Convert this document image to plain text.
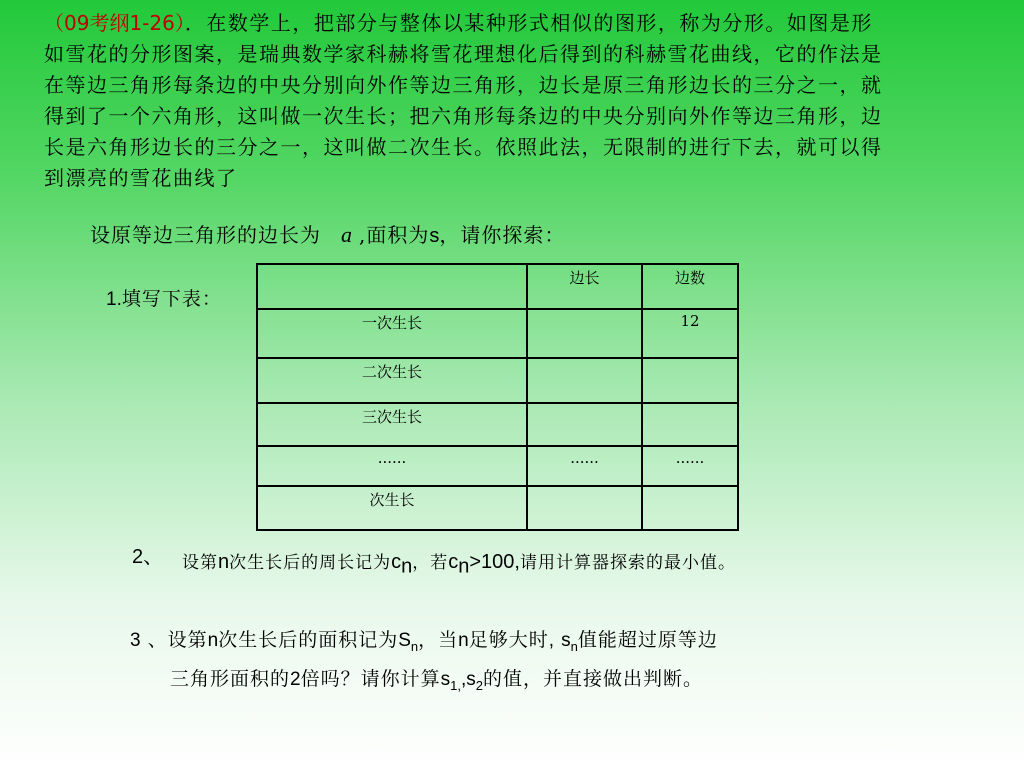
（09考纲1-26）．在数学上，把部分与整体以某种形式相似的图形，称为分形。如图是形如雪花的分形图案，是瑞典数学家科赫将雪花理想化后得到的科赫雪花曲线，它的作法是在等边三角形每条边的中央分别向外作等边三角形，边长是原三角形边长的三分之一，就得到了一个六角形，这叫做一次生长；把六角形每条边的中央分别向外作等边三角形，边长是六角形边长的三分之一，这叫做二次生长。依照此法，无限制的进行下去，就可以得到漂亮的雪花曲线了
设原等边三角形的边长为 a ,面积为s，请你探索：
1.填写下表：

	边长	边数

一次生长		12

二次生长		

三次生长		

......	......	......

次生长		

2、 设第n次生长后的周长记为$c_n$，若$c_n>100$,请用计算器探索的最小值。
3 、设第n次生长后的面积记为$S_n$，当n足够大时, $s_n$值能超过原等边
三角形面积的2倍吗？请你计算$s_{1,},s_2$的值，并直接做出判断。
